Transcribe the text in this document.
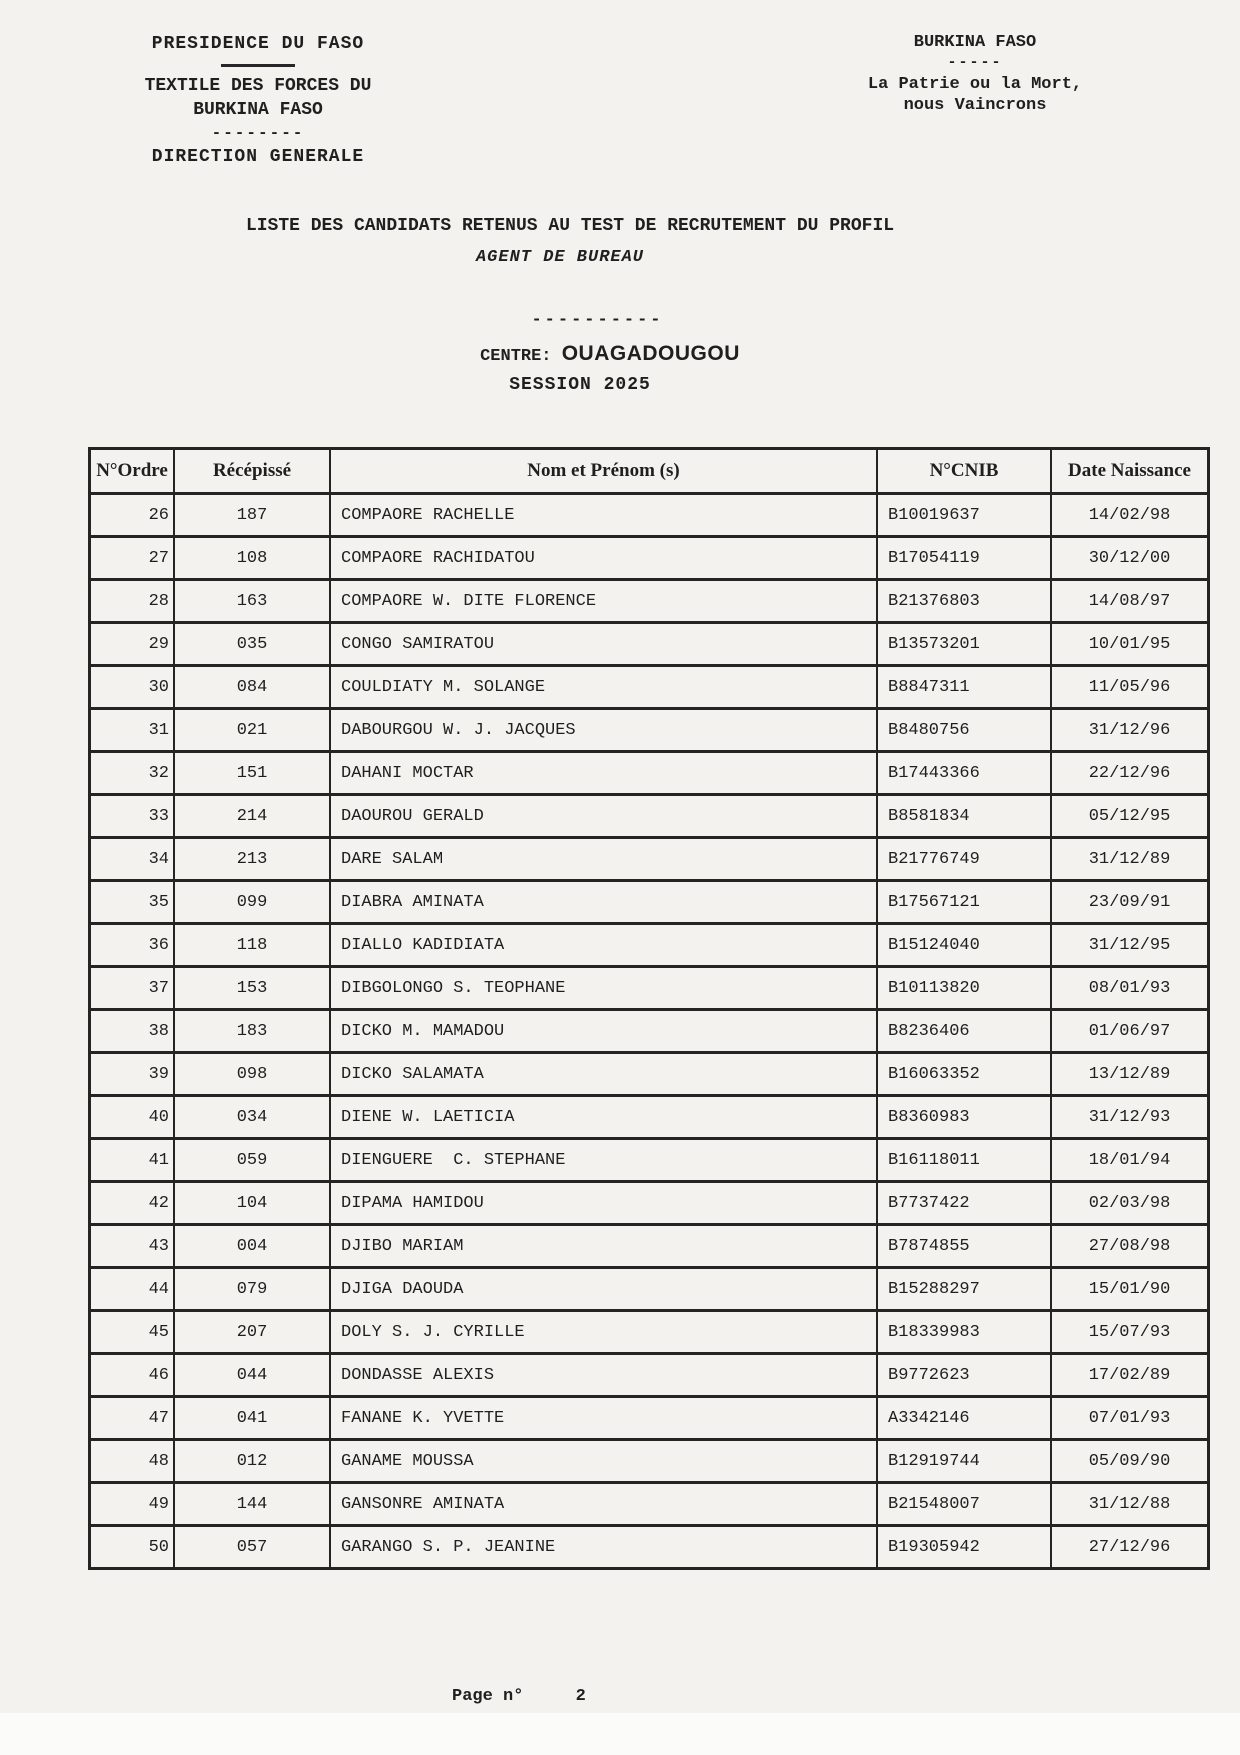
PRESIDENCE DU FASO
TEXTILE DES FORCES DU
BURKINA FASO
--------
DIRECTION GENERALE
BURKINA FASO
-----
La Patrie ou la Mort,
nous Vaincrons
LISTE DES CANDIDATS RETENUS AU TEST DE RECRUTEMENT DU PROFIL
AGENT DE BUREAU
----------
CENTRE: OUAGADOUGOU
SESSION 2025
N°Ordre	Récépissé	Nom et Prénom (s)	N°CNIB	Date Naissance
26	187	COMPAORE RACHELLE	B10019637	14/02/98
27	108	COMPAORE RACHIDATOU	B17054119	30/12/00
28	163	COMPAORE W. DITE FLORENCE	B21376803	14/08/97
29	035	CONGO SAMIRATOU	B13573201	10/01/95
30	084	COULDIATY M. SOLANGE	B8847311	11/05/96
31	021	DABOURGOU W. J. JACQUES	B8480756	31/12/96
32	151	DAHANI MOCTAR	B17443366	22/12/96
33	214	DAOUROU GERALD	B8581834	05/12/95
34	213	DARE SALAM	B21776749	31/12/89
35	099	DIABRA AMINATA	B17567121	23/09/91
36	118	DIALLO KADIDIATA	B15124040	31/12/95
37	153	DIBGOLONGO S. TEOPHANE	B10113820	08/01/93
38	183	DICKO M. MAMADOU	B8236406	01/06/97
39	098	DICKO SALAMATA	B16063352	13/12/89
40	034	DIENE W. LAETICIA	B8360983	31/12/93
41	059	DIENGUERE  C. STEPHANE	B16118011	18/01/94
42	104	DIPAMA HAMIDOU	B7737422	02/03/98
43	004	DJIBO MARIAM	B7874855	27/08/98
44	079	DJIGA DAOUDA	B15288297	15/01/90
45	207	DOLY S. J. CYRILLE	B18339983	15/07/93
46	044	DONDASSE ALEXIS	B9772623	17/02/89
47	041	FANANE K. YVETTE	A3342146	07/01/93
48	012	GANAME MOUSSA	B12919744	05/09/90
49	144	GANSONRE AMINATA	B21548007	31/12/88
50	057	GARANGO S. P. JEANINE	B19305942	27/12/96
Page n°	2
